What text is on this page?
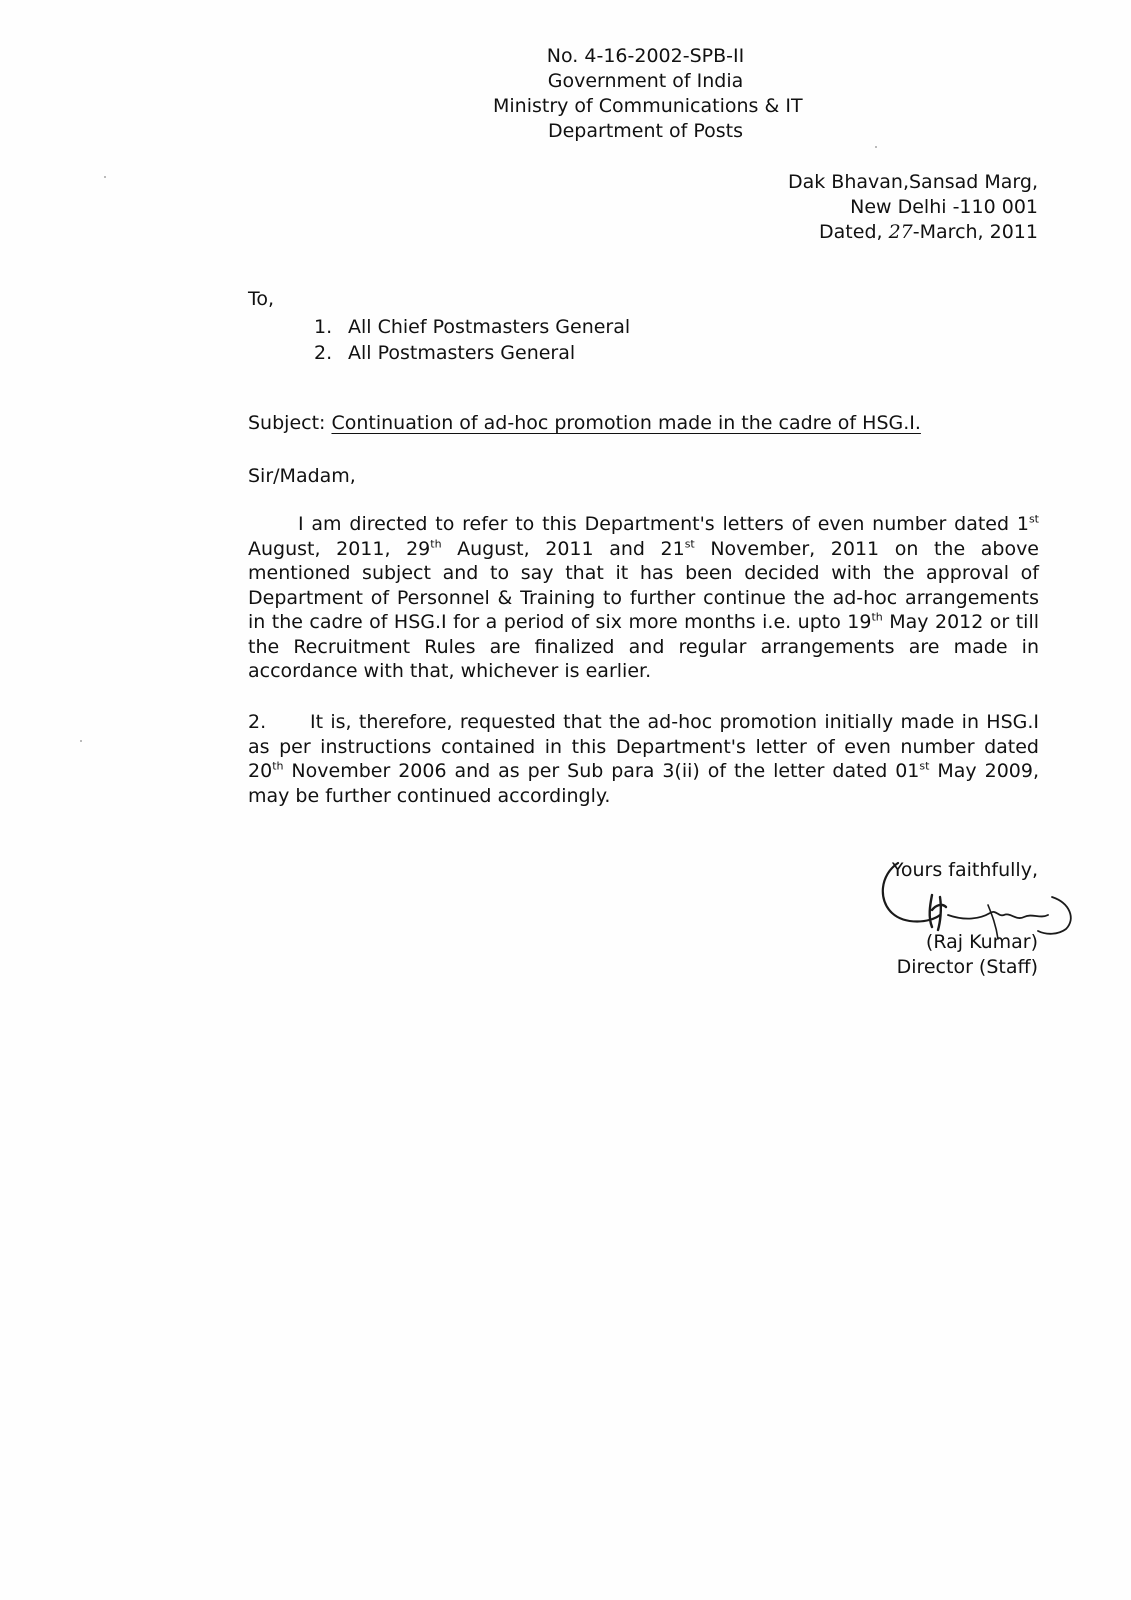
No. 4-16-2002-SPB-II
Government of India
Ministry of Communications & IT
Department of Posts
Dak Bhavan,Sansad Marg,
New Delhi -110 001
Dated, 27-March, 2011
To,
1. All Chief Postmasters General
2. All Postmasters General
Subject: Continuation of ad-hoc promotion made in the cadre of HSG.I.
Sir/Madam,
I am directed to refer to this Department's letters of even number dated 1st August, 2011, 29th August, 2011 and 21st November, 2011 on the above mentioned subject and to say that it has been decided with the approval of Department of Personnel & Training to further continue the ad-hoc arrangements in the cadre of HSG.I for a period of six more months i.e. upto 19th May 2012 or till the Recruitment Rules are finalized and regular arrangements are made in accordance with that, whichever is earlier.
2. It is, therefore, requested that the ad-hoc promotion initially made in HSG.I as per instructions contained in this Department's letter of even number dated 20th November 2006 and as per Sub para 3(ii) of the letter dated 01st May 2009, may be further continued accordingly.
Yours faithfully,
(Raj Kumar)
Director (Staff)
